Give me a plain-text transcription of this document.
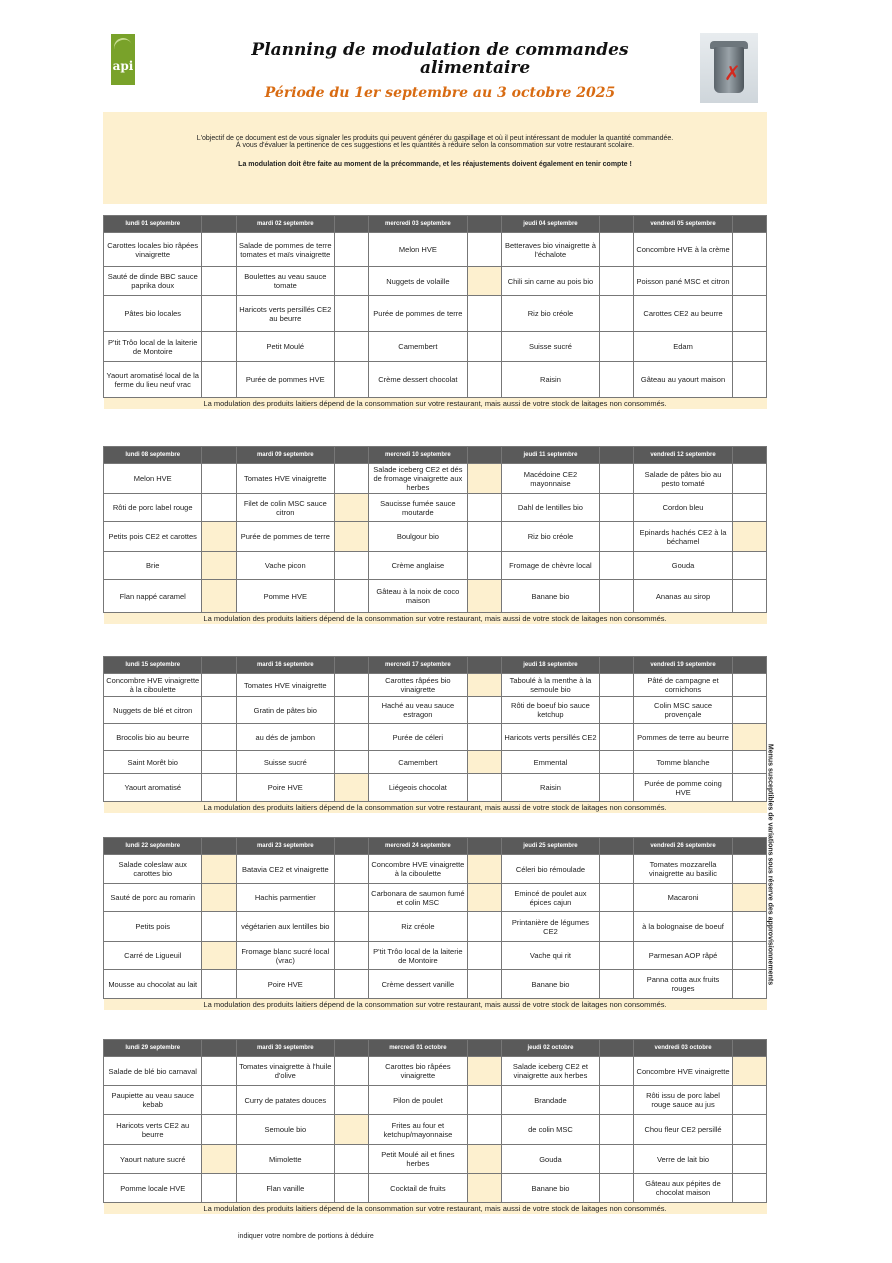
api
Planning de modulation de commandes
alimentaire
Période du 1er septembre au 3 octobre 2025
✗
L'objectif de ce document est de vous signaler les produits qui peuvent générer du gaspillage et où il peut intéressant de moduler la quantité commandée.
À vous d'évaluer la pertinence de ces suggestions et les quantités à réduire selon la consommation sur votre restaurant scolaire.
La modulation doit être faite au moment de la précommande, et les réajustements doivent également en tenir compte !
lundi 01 septembre		mardi 02 septembre		mercredi 03 septembre		jeudi 04 septembre		vendredi 05 septembre	
Carottes locales bio râpées vinaigrette		Salade de pommes de terre tomates et maïs vinaigrette		Melon HVE		Betteraves bio vinaigrette à l'échalote		Concombre HVE à la crème	
Sauté de dinde BBC sauce paprika doux		Boulettes au veau sauce tomate		Nuggets de volaille		Chili sin carne au pois bio		Poisson pané MSC et citron	
Pâtes bio locales		Haricots verts persillés CE2 au beurre		Purée de pommes de terre		Riz bio créole		Carottes CE2 au beurre	
P'tit Trôo local de la laiterie de Montoire		Petit Moulé		Camembert		Suisse sucré		Edam	
Yaourt aromatisé local de la ferme du lieu neuf vrac		Purée de pommes HVE		Crème dessert chocolat		Raisin		Gâteau au yaourt maison	
La modulation des produits laitiers dépend de la consommation sur votre restaurant, mais aussi de votre stock de laitages non consommés.									
lundi 08 septembre		mardi 09 septembre		mercredi 10 septembre		jeudi 11 septembre		vendredi 12 septembre	
Melon HVE		Tomates HVE vinaigrette		Salade iceberg CE2 et dés de fromage vinaigrette aux herbes		Macédoine CE2 mayonnaise		Salade de pâtes bio au pesto tomaté	
Rôti de porc label rouge		Filet de colin MSC sauce citron		Saucisse fumée sauce moutarde		Dahl de lentilles bio		Cordon bleu	
Petits pois CE2 et carottes		Purée de pommes de terre		Boulgour bio		Riz bio créole		Epinards hachés CE2 à la béchamel	
Brie		Vache picon		Crème anglaise		Fromage de chèvre local		Gouda	
Flan nappé caramel		Pomme HVE		Gâteau à la noix de coco maison		Banane bio		Ananas au sirop	
La modulation des produits laitiers dépend de la consommation sur votre restaurant, mais aussi de votre stock de laitages non consommés.									
lundi 15 septembre		mardi 16 septembre		mercredi 17 septembre		jeudi 18 septembre		vendredi 19 septembre	
Concombre HVE vinaigrette à la ciboulette		Tomates HVE vinaigrette		Carottes râpées bio vinaigrette		Taboulé à la menthe à la semoule bio		Pâté de campagne et cornichons	
Nuggets de blé et citron		Gratin de pâtes bio		Haché au veau sauce estragon		Rôti de boeuf bio sauce ketchup		Colin MSC sauce provençale	
Brocolis bio au beurre		au dés de jambon		Purée de céleri		Haricots verts persillés CE2		Pommes de terre au beurre	
Saint Morêt bio		Suisse sucré		Camembert		Emmental		Tomme blanche	
Yaourt aromatisé		Poire HVE		Liégeois chocolat		Raisin		Purée de pomme coing HVE	
La modulation des produits laitiers dépend de la consommation sur votre restaurant, mais aussi de votre stock de laitages non consommés.									
lundi 22 septembre		mardi 23 septembre		mercredi 24 septembre		jeudi 25 septembre		vendredi 26 septembre	
Salade coleslaw aux carottes bio		Batavia CE2 et vinaigrette		Concombre HVE vinaigrette à la ciboulette		Céleri bio rémoulade		Tomates mozzarella vinaigrette au basilic	
Sauté de porc au romarin		Hachis parmentier		Carbonara de saumon fumé et colin MSC		Emincé de poulet aux épices cajun		Macaroni	
Petits pois		végétarien aux lentilles bio		Riz créole		Printanière de légumes CE2		à la bolognaise de boeuf	
Carré de Ligueuil		Fromage blanc sucré local (vrac)		P'tit Trôo local de la laiterie de Montoire		Vache qui rit		Parmesan AOP râpé	
Mousse au chocolat au lait		Poire HVE		Crème dessert vanille		Banane bio		Panna cotta aux fruits rouges	
La modulation des produits laitiers dépend de la consommation sur votre restaurant, mais aussi de votre stock de laitages non consommés.									
lundi 29 septembre		mardi 30 septembre		mercredi 01 octobre		jeudi 02 octobre		vendredi 03 octobre	
Salade de blé bio carnaval		Tomates vinaigrette à l'huile d'olive		Carottes bio râpées vinaigrette		Salade iceberg CE2 et vinaigrette aux herbes		Concombre HVE vinaigrette	
Paupiette au veau sauce kebab		Curry de patates douces		Pilon de poulet		Brandade		Rôti issu de porc label rouge sauce au jus	
Haricots verts CE2 au beurre		Semoule bio		Frites au four et ketchup/mayonnaise		de colin MSC		Chou fleur CE2 persillé	
Yaourt nature sucré		Mimolette		Petit Moulé ail et fines herbes		Gouda		Verre de lait bio	
Pomme locale HVE		Flan vanille		Cocktail de fruits		Banane bio		Gâteau aux pépites de chocolat maison	
La modulation des produits laitiers dépend de la consommation sur votre restaurant, mais aussi de votre stock de laitages non consommés.									
Menus susceptibles de variations sous réserve des approvisionnements
indiquer votre nombre de portions à déduire
